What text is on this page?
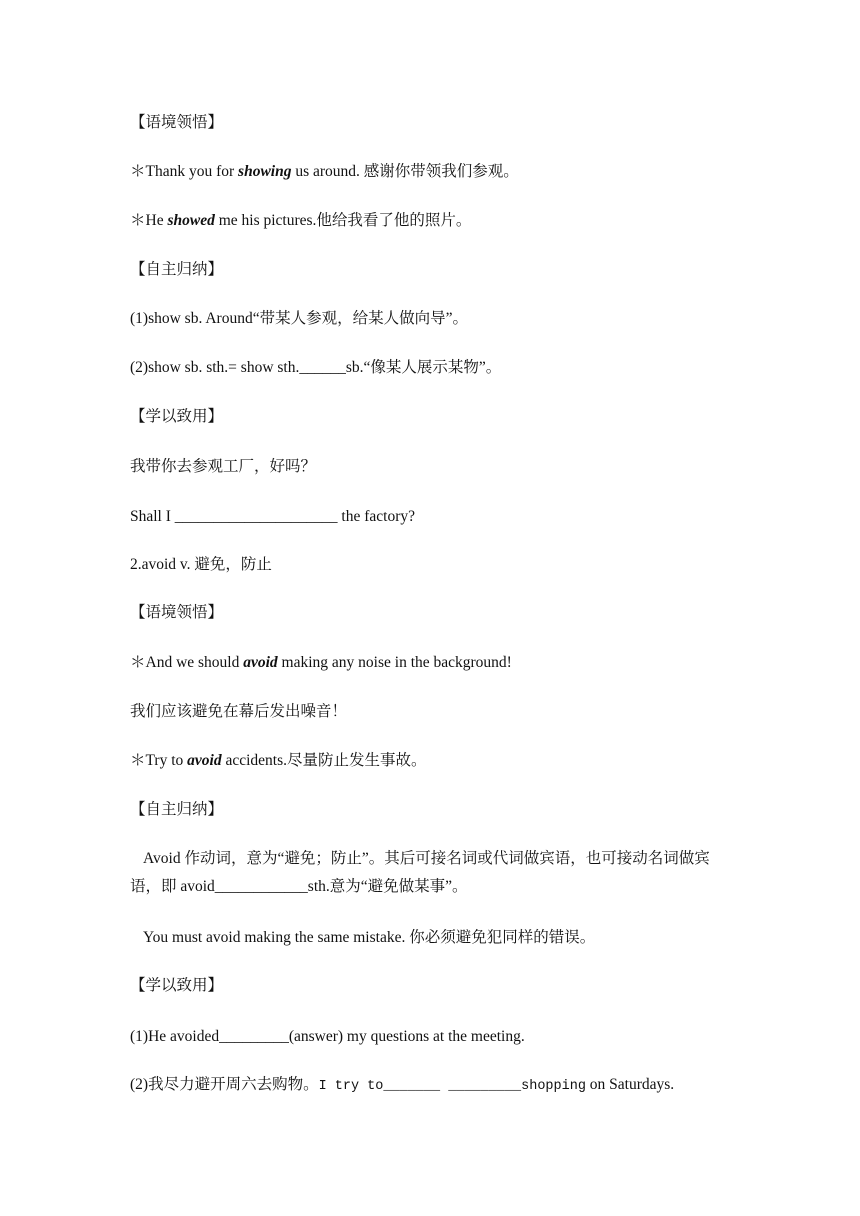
【语境领悟】
＊Thank you for showing us around. 感谢你带领我们参观。
＊He showed me his pictures.他给我看了他的照片。
【自主归纳】
(1)show sb. Around“带某人参观，给某人做向导”。
(2)show sb. sth.= show sth.______sb.“像某人展示某物”。
【学以致用】
我带你去参观工厂，好吗？
Shall I _____________________ the factory?
2.avoid v. 避免，防止
【语境领悟】
＊And we should avoid making any noise in the background!
我们应该避免在幕后发出噪音！
＊Try to avoid accidents.尽量防止发生事故。
【自主归纳】
Avoid 作动词，意为“避免；防止”。其后可接名词或代词做宾语，也可接动名词做宾语，即 avoid____________sth.意为“避免做某事”。
You must avoid making the same mistake. 你必须避免犯同样的错误。
【学以致用】
(1)He avoided_________(answer) my questions at the meeting.
(2)我尽力避开周六去购物。I try to_______ _________shopping on Saturdays.
